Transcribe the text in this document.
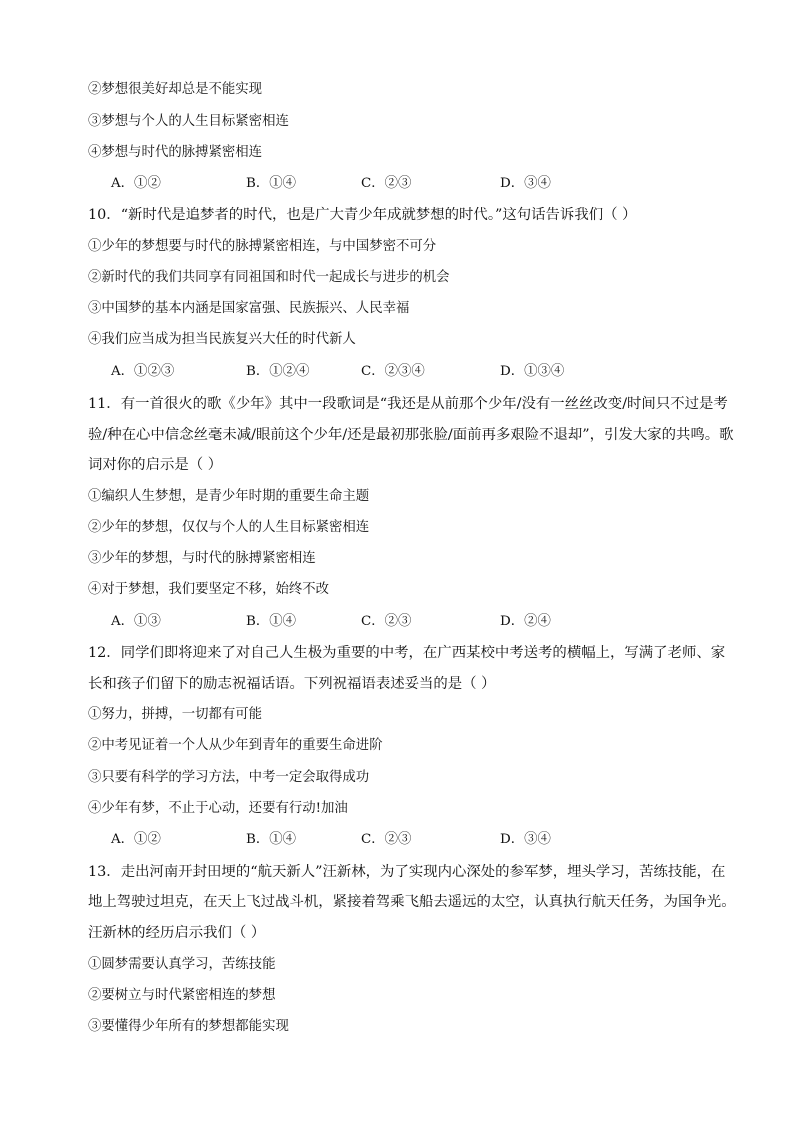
②梦想很美好却总是不能实现
③梦想与个人的人生目标紧密相连
④梦想与时代的脉搏紧密相连
A．①②	B．①④	C．②③	D．③④
10．“新时代是追梦者的时代，也是广大青少年成就梦想的时代。”这句话告诉我们（ ）
①少年的梦想要与时代的脉搏紧密相连，与中国梦密不可分
②新时代的我们共同享有同祖国和时代一起成长与进步的机会
③中国梦的基本内涵是国家富强、民族振兴、人民幸福
④我们应当成为担当民族复兴大任的时代新人
A．①②③	B．①②④	C．②③④	D．①③④
11．有一首很火的歌《少年》其中一段歌词是“我还是从前那个少年/没有一丝丝改变/时间只不过是考
验/种在心中信念丝毫未减/眼前这个少年/还是最初那张脸/面前再多艰险不退却”，引发大家的共鸣。歌
词对你的启示是（ ）
①编织人生梦想，是青少年时期的重要生命主题
②少年的梦想，仅仅与个人的人生目标紧密相连
③少年的梦想，与时代的脉搏紧密相连
④对于梦想，我们要坚定不移，始终不改
A．①③	B．①④	C．②③	D．②④
12．同学们即将迎来了对自己人生极为重要的中考，在广西某校中考送考的横幅上，写满了老师、家
长和孩子们留下的励志祝福话语。下列祝福语表述妥当的是（ ）
①努力，拼搏，一切都有可能
②中考见证着一个人从少年到青年的重要生命进阶
③只要有科学的学习方法，中考一定会取得成功
④少年有梦，不止于心动，还要有行动!加油
A．①②	B．①④	C．②③	D．③④
13．走出河南开封田埂的“航天新人”汪新林，为了实现内心深处的参军梦，埋头学习，苦练技能，在
地上驾驶过坦克，在天上飞过战斗机，紧接着驾乘飞船去遥远的太空，认真执行航天任务，为国争光。
汪新林的经历启示我们（ ）
①圆梦需要认真学习，苦练技能
②要树立与时代紧密相连的梦想
③要懂得少年所有的梦想都能实现
